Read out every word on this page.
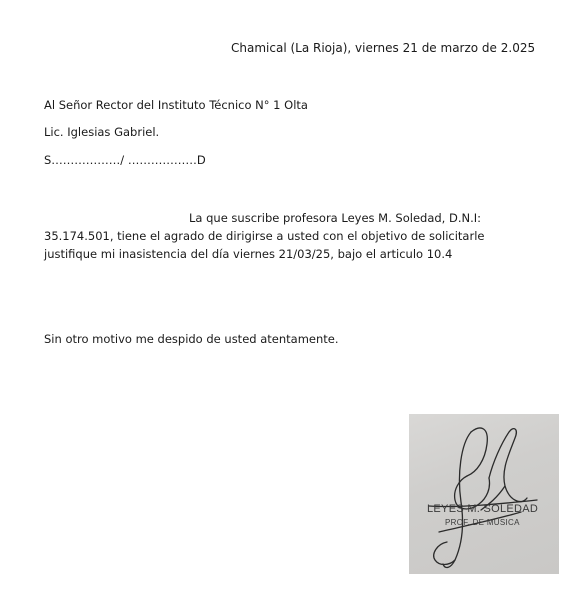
Chamical (La Rioja), viernes 21 de marzo de 2.025
Al Señor Rector del Instituto Técnico N° 1 Olta
Lic. Iglesias Gabriel.
S………………/ ………………D
La que suscribe profesora Leyes M. Soledad, D.N.I:
35.174.501, tiene el agrado de dirigirse a usted con el objetivo de solicitarle justifique mi inasistencia del día viernes 21/03/25, bajo el articulo 10.4
Sin otro motivo me despido de usted atentamente.
LEYES M. SOLEDAD
PROF. DE MUSICA
